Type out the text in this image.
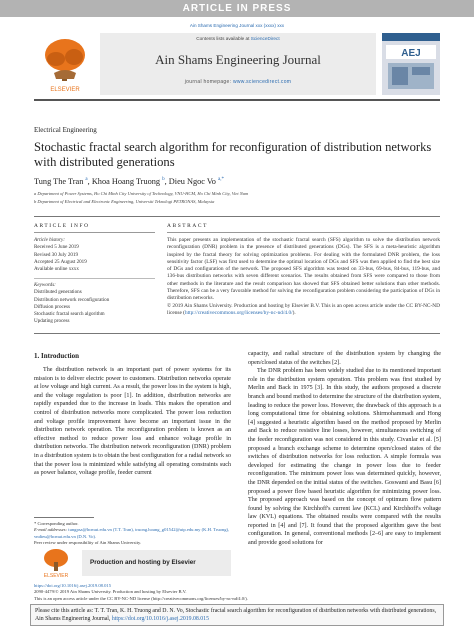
ARTICLE IN PRESS
Ain Shams Engineering Journal xxx (xxxx) xxx
ELSEVIER
Contents lists available at ScienceDirect
Ain Shams Engineering Journal
journal homepage: www.sciencedirect.com
AEJ
Electrical Engineering
Stochastic fractal search algorithm for reconfiguration of distribution networks with distributed generations
Tung The Tran $^a$, Khoa Hoang Truong $^b$, Dieu Ngoc Vo $^{a,*}$
a Department of Power Systems, Ho Chi Minh City University of Technology, VNU-HCM, Ho Chi Minh City, Viet Nam
b Department of Electrical and Electronic Engineering, Universiti Teknologi PETRONAS, Malaysia
ARTICLE INFO	ABSTRACT
Article history:
Received 5 June 2019
Revised 30 July 2019
Accepted 25 August 2019
Available online xxxx
Keywords:
Distributed generations
Distribution network reconfiguration
Diffusion process
Stochastic fractal search algorithm
Updating process
This paper presents an implementation of the stochastic fractal search (SFS) algorithm to solve the distribution network reconfiguration (DNR) problem in the presence of distributed generations (DGs). The SFS is a meta-heuristic algorithm inspired by the fractal theory for solving optimization problems. For dealing with the formulated DNR problem, the loss sensitivity factor (LSF) was first used to determine the optimal location of DGs and SFS was then applied to find the best size of DGs and configuration of the network. The proposed SFS algorithm was tested on 33-bus, 69-bus, 84-bus, 119-bus, and 136-bus distribution networks with seven different scenarios. The results obtained from SFS were compared to those from other methods in the literature and the result comparison has showed that SFS obtained better solutions than other methods. Therefore, SFS can be a very favorable method for solving the reconfiguration problem considering the participation of DGs in distribution networks.
© 2019 Ain Shams University. Production and hosting by Elsevier B.V. This is an open access article under the CC BY-NC-ND license (http://creativecommons.org/licenses/by-nc-nd/4.0/).
1. Introduction
The distribution network is an important part of power systems for its mission is to deliver electric power to customers. Distribution networks operate at low voltage and high current. As a result, the power loss in the system is high, and the voltage regulation is poor [1]. In addition, distribution networks are rapidly expanded due to the increase in loads. This makes the operation and control of distribution networks more complicated. The power loss reduction and voltage profile improvement have become an important issue in the distribution network operation. The reconfiguration problem is known as an effective method to reduce power loss and enhance voltage profile in distribution networks. The distribution network reconfiguration (DNR) problem in a distribution system is to obtain the best configuration for a radial network so that the power loss is minimized while satisfying all operating constraints such as power balance, voltage profile, feeder current

capacity, and radial structure of the distribution system by changing the open/closed status of the switches [2].

The DNR problem has been widely studied due to its mentioned important role in the distribution system operation. This problem was first studied by Merlin and Back in 1975 [3]. In this study, the authors proposed a discrete branch and bound method to determine the structure of the distribution system, leading to reduce the power loss. However, the drawback of this approach is a long computational time for obtaining solutions. Shirmohammadi and Hong [4] suggested a heuristic algorithm based on the method proposed by Merlin and Back to reduce resistive line losses, however, simultaneous switching of the feeder reconfiguration was not considered in this study. Civanlar et al. [5] proposed a branch exchange scheme to determine open/closed states of the switches of distribution networks for loss reduction. A simple formula was developed for estimating the change in power loss due to feeder reconfiguration. The minimum power loss was determined quickly, however, the DNR depended on the initial status of the switches. Goswami and Basu [6] proposed a power flow based heuristic algorithm for minimizing power loss. The proposed approach was based on the concept of optimum flow pattern found by solving the Kirchhoff's current law (KCL) and Kirchhoff's voltage law (KVL) equations. The obtained results were compared with the results reported in [4] and [7]. It found that the proposed algorithm gave the best configuration. In general, conventional methods [2–6] are easy to implement and provide good solutions for

* Corresponding author.
E-mail addresses: tungpsa@hcmut.edu.vn (T.T. Tran), truong.hoang_g01542@utp.edu.my (K.H. Truong), vndieu@hcmut.edu.vn (D.N. Vo).
Peer review under responsibility of Ain Shams University.
ELSEVIER
Production and hosting by Elsevier
https://doi.org/10.1016/j.asej.2019.08.015
2090-4479/© 2019 Ain Shams University. Production and hosting by Elsevier B.V.
This is an open access article under the CC BY-NC-ND license (http://creativecommons.org/licenses/by-nc-nd/4.0/).
Please cite this article as: T. T. Tran, K. H. Truong and D. N. Vo, Stochastic fractal search algorithm for reconfiguration of distribution networks with distributed generations, Ain Shams Engineering Journal, https://doi.org/10.1016/j.asej.2019.08.015
